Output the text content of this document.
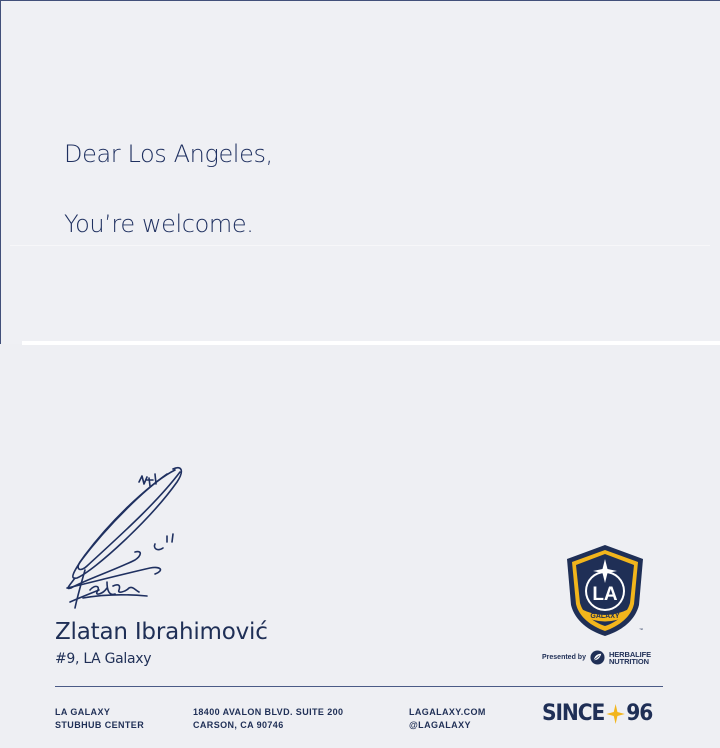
Dear Los Angeles,

You’re welcome.

Zlatan Ibrahimović

#9, LA Galaxy

LA
GALAXY
™
Presented by	HERBALIFE
NUTRITION
LA GALAXY
STUBHUB CENTER
18400 AVALON BLVD. SUITE 200
CARSON, CA 90746
LAGALAXY.COM
@LAGALAXY	SINCE 96
